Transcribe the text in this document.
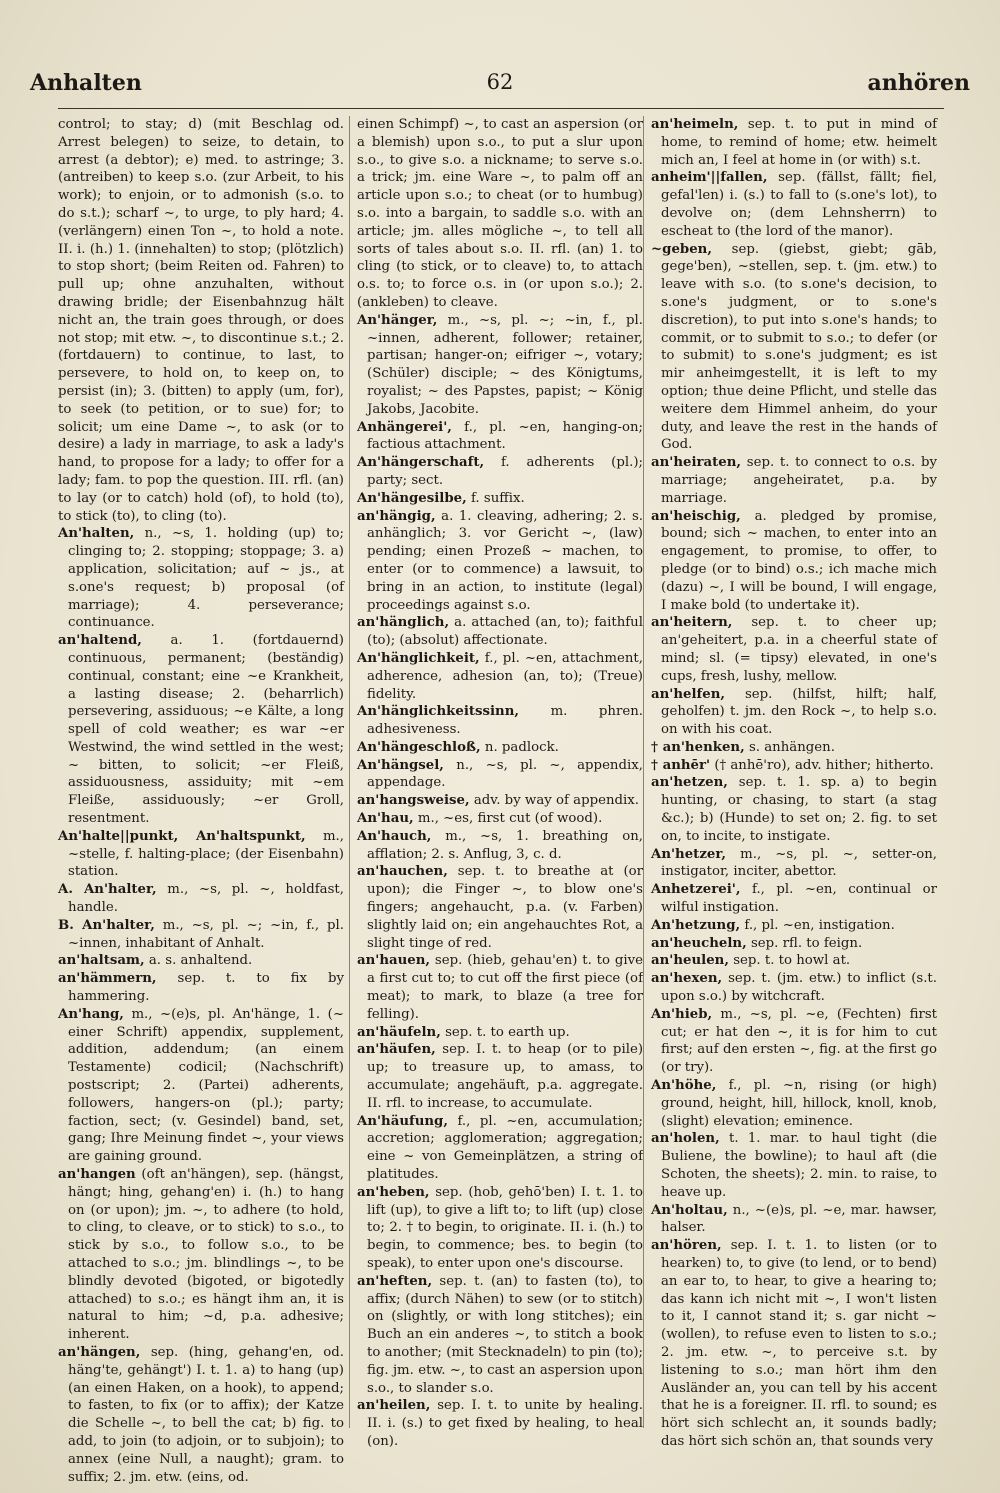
Anhalten	62	anhören

control; to stay; d) (mit Beschlag od. Arrest belegen) to seize, to detain, to arrest (a debtor); e) med. to astringe; 3. (antreiben) to keep s.o. (zur Arbeit, to his work); to enjoin, or to admonish (s.o. to do s.t.); scharf ~, to urge, to ply hard; 4. (verlängern) einen Ton ~, to hold a note. II. i. (h.) 1. (innehalten) to stop; (plötzlich) to stop short; (beim Reiten od. Fahren) to pull up; ohne anzuhalten, without drawing bridle; der Eisenbahnzug hält nicht an, the train goes through, or does not stop; mit etw. ~, to discontinue s.t.; 2. (fortdauern) to continue, to last, to persevere, to hold on, to keep on, to persist (in); 3. (bitten) to apply (um, for), to seek (to petition, or to sue) for; to solicit; um eine Dame ~, to ask (or to desire) a lady in marriage, to ask a lady's hand, to propose for a lady; to offer for a lady; fam. to pop the question. III. rfl. (an) to lay (or to catch) hold (of), to hold (to), to stick (to), to cling (to).

An'halten, n., ~s, 1. holding (up) to; clinging to; 2. stopping; stoppage; 3. a) application, solicitation; auf ~ js., at s.one's request; b) proposal (of marriage); 4. perseverance; continuance.

an'haltend, a. 1. (fortdauernd) continuous, permanent; (beständig) continual, constant; eine ~e Krankheit, a lasting disease; 2. (beharrlich) persevering, assiduous; ~e Kälte, a long spell of cold weather; es war ~er Westwind, the wind settled in the west; ~ bitten, to solicit; ~er Fleiß, assiduousness, assiduity; mit ~em Fleiße, assiduously; ~er Groll, resentment.

An'halte||punkt, An'haltspunkt, m., ~stelle, f. halting-place; (der Eisenbahn) station.

A. An'halter, m., ~s, pl. ~, holdfast, handle.

B. An'halter, m., ~s, pl. ~; ~in, f., pl. ~innen, inhabitant of Anhalt.

an'haltsam, a. s. anhaltend.

an'hämmern, sep. t. to fix by hammering.

An'hang, m., ~(e)s, pl. An'hänge, 1. (~ einer Schrift) appendix, supplement, addition, addendum; (an einem Testamente) codicil; (Nachschrift) postscript; 2. (Partei) adherents, followers, hangers-on (pl.); party; faction, sect; (v. Gesindel) band, set, gang; Ihre Meinung findet ~, your views are gaining ground.

an'hangen (oft an'hängen), sep. (hängst, hängt; hing, gehang'en) i. (h.) to hang on (or upon); jm. ~, to adhere (to hold, to cling, to cleave, or to stick) to s.o., to stick by s.o., to follow s.o., to be attached to s.o.; jm. blindlings ~, to be blindly devoted (bigoted, or bigotedly attached) to s.o.; es hängt ihm an, it is natural to him; ~d, p.a. adhesive; inherent.

an'hängen, sep. (hing, gehang'en, od. häng'te, gehängt') I. t. 1. a) to hang (up) (an einen Haken, on a hook), to append; to fasten, to fix (or to affix); der Katze die Schelle ~, to bell the cat; b) fig. to add, to join (to adjoin, or to subjoin); to annex (eine Null, a naught); gram. to suffix; 2. jm. etw. (eins, od.

einen Schimpf) ~, to cast an aspersion (or a blemish) upon s.o., to put a slur upon s.o., to give s.o. a nickname; to serve s.o. a trick; jm. eine Ware ~, to palm off an article upon s.o.; to cheat (or to humbug) s.o. into a bargain, to saddle s.o. with an article; jm. alles mögliche ~, to tell all sorts of tales about s.o. II. rfl. (an) 1. to cling (to stick, or to cleave) to, to attach o.s. to; to force o.s. in (or upon s.o.); 2. (ankleben) to cleave.

An'hänger, m., ~s, pl. ~; ~in, f., pl. ~innen, adherent, follower; retainer, partisan; hanger-on; eifriger ~, votary; (Schüler) disciple; ~ des Königtums, royalist; ~ des Papstes, papist; ~ König Jakobs, Jacobite.

Anhängerei', f., pl. ~en, hanging-on; factious attachment.

An'hängerschaft, f. adherents (pl.); party; sect.

An'hängesilbe, f. suffix.

an'hängig, a. 1. cleaving, adhering; 2. s. anhänglich; 3. vor Gericht ~, (law) pending; einen Prozeß ~ machen, to enter (or to commence) a lawsuit, to bring in an action, to institute (legal) proceedings against s.o.

an'hänglich, a. attached (an, to); faithful (to); (absolut) affectionate.

An'hänglichkeit, f., pl. ~en, attachment, adherence, adhesion (an, to); (Treue) fidelity.

An'hänglichkeitssinn, m. phren. adhesiveness.

An'hängeschloß, n. padlock.

An'hängsel, n., ~s, pl. ~, appendix, appendage.

an'hangsweise, adv. by way of appendix.

An'hau, m., ~es, first cut (of wood).

An'hauch, m., ~s, 1. breathing on, afflation; 2. s. Anflug, 3, c. d.

an'hauchen, sep. t. to breathe at (or upon); die Finger ~, to blow one's fingers; angehaucht, p.a. (v. Farben) slightly laid on; ein angehauchtes Rot, a slight tinge of red.

an'hauen, sep. (hieb, gehau'en) t. to give a first cut to; to cut off the first piece (of meat); to mark, to blaze (a tree for felling).

an'häufeln, sep. t. to earth up.

an'häufen, sep. I. t. to heap (or to pile) up; to treasure up, to amass, to accumulate; angehäuft, p.a. aggregate. II. rfl. to increase, to accumulate.

An'häufung, f., pl. ~en, accumulation; accretion; agglomeration; aggregation; eine ~ von Gemeinplätzen, a string of platitudes.

an'heben, sep. (hob, gehō'ben) I. t. 1. to lift (up), to give a lift to; to lift (up) close to; 2. † to begin, to originate. II. i. (h.) to begin, to commence; bes. to begin (to speak), to enter upon one's discourse.

an'heften, sep. t. (an) to fasten (to), to affix; (durch Nähen) to sew (or to stitch) on (slightly, or with long stitches); ein Buch an ein anderes ~, to stitch a book to another; (mit Stecknadeln) to pin (to); fig. jm. etw. ~, to cast an aspersion upon s.o., to slander s.o.

an'heilen, sep. I. t. to unite by healing. II. i. (s.) to get fixed by healing, to heal (on).

an'heimeln, sep. t. to put in mind of home, to remind of home; etw. heimelt mich an, I feel at home in (or with) s.t.

anheim'||fallen, sep. (fällst, fällt; fiel, gefal'len) i. (s.) to fall to (s.one's lot), to devolve on; (dem Lehnsherrn) to escheat to (the lord of the manor).

~geben, sep. (giebst, giebt; gāb, gege'ben), ~stellen, sep. t. (jm. etw.) to leave with s.o. (to s.one's decision, to s.one's judgment, or to s.one's discretion), to put into s.one's hands; to commit, or to submit to s.o.; to defer (or to submit) to s.one's judgment; es ist mir anheimgestellt, it is left to my option; thue deine Pflicht, und stelle das weitere dem Himmel anheim, do your duty, and leave the rest in the hands of God.

an'heiraten, sep. t. to connect to o.s. by marriage; angeheiratet, p.a. by marriage.

an'heischig, a. pledged by promise, bound; sich ~ machen, to enter into an engagement, to promise, to offer, to pledge (or to bind) o.s.; ich mache mich (dazu) ~, I will be bound, I will engage, I make bold (to undertake it).

an'heitern, sep. t. to cheer up; an'geheitert, p.a. in a cheerful state of mind; sl. (= tipsy) elevated, in one's cups, fresh, lushy, mellow.

an'helfen, sep. (hilfst, hilft; half, geholfen) t. jm. den Rock ~, to help s.o. on with his coat.

† an'henken, s. anhängen.

† anhēr' († anhē'ro), adv. hither; hitherto.

an'hetzen, sep. t. 1. sp. a) to begin hunting, or chasing, to start (a stag &c.); b) (Hunde) to set on; 2. fig. to set on, to incite, to instigate.

An'hetzer, m., ~s, pl. ~, setter-on, instigator, inciter, abettor.

Anhetzerei', f., pl. ~en, continual or wilful instigation.

An'hetzung, f., pl. ~en, instigation.

an'heucheln, sep. rfl. to feign.

an'heulen, sep. t. to howl at.

an'hexen, sep. t. (jm. etw.) to inflict (s.t. upon s.o.) by witchcraft.

An'hieb, m., ~s, pl. ~e, (Fechten) first cut; er hat den ~, it is for him to cut first; auf den ersten ~, fig. at the first go (or try).

An'höhe, f., pl. ~n, rising (or high) ground, height, hill, hillock, knoll, knob, (slight) elevation; eminence.

an'holen, t. 1. mar. to haul tight (die Buliene, the bowline); to haul aft (die Schoten, the sheets); 2. min. to raise, to heave up.

An'holtau, n., ~(e)s, pl. ~e, mar. hawser, halser.

an'hören, sep. I. t. 1. to listen (or to hearken) to, to give (to lend, or to bend) an ear to, to hear, to give a hearing to; das kann ich nicht mit ~, I won't listen to it, I cannot stand it; s. gar nicht ~ (wollen), to refuse even to listen to s.o.; 2. jm. etw. ~, to perceive s.t. by listening to s.o.; man hört ihm den Ausländer an, you can tell by his accent that he is a foreigner. II. rfl. to sound; es hört sich schlecht an, it sounds badly; das hört sich schön an, that sounds very
